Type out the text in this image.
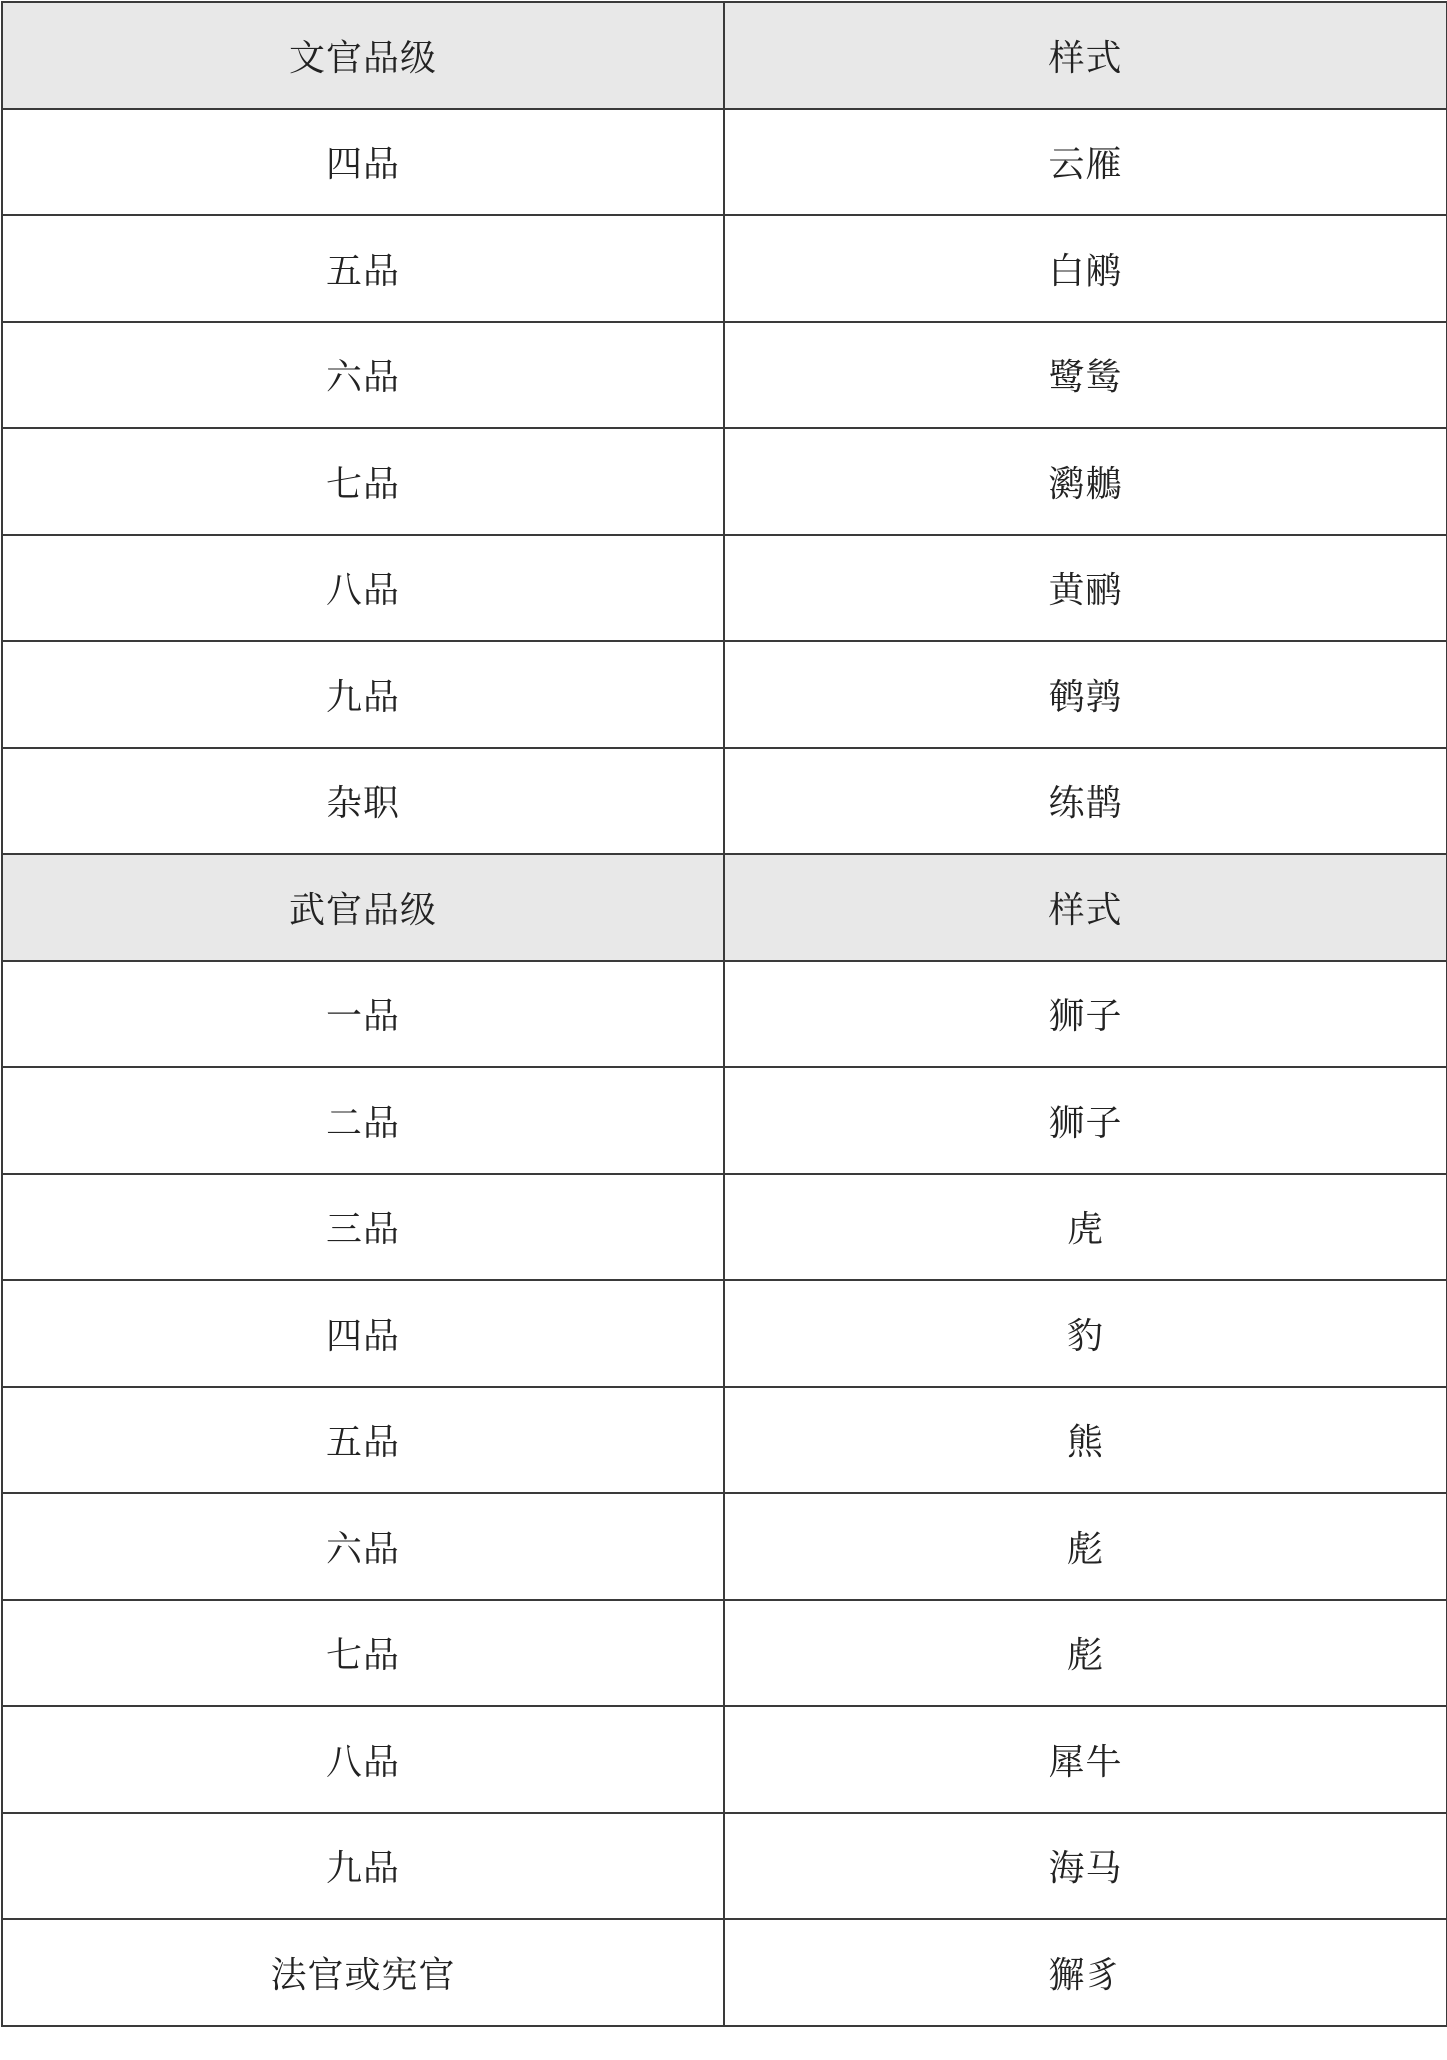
文官品级	样式
四品	云雁
五品	白鹇
六品	鹭鸶
七品	㶉鶒
八品	黄鹂
九品	鹌鹑
杂职	练鹊
武官品级	样式
一品	狮子
二品	狮子
三品	虎
四品	豹
五品	熊
六品	彪
七品	彪
八品	犀牛
九品	海马
法官或宪官	獬豸
